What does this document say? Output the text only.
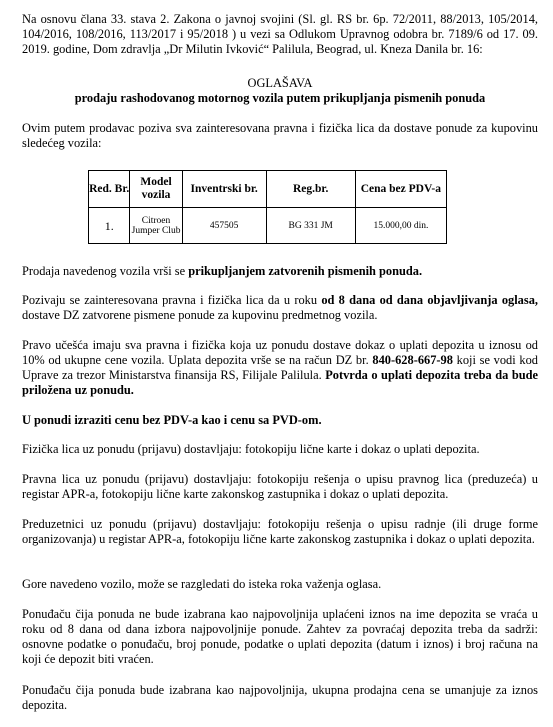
Na osnovu člana 33. stava 2. Zakona o javnoj svojini (Sl. gl. RS br. 6p. 72/2011, 88/2013, 105/2014, 104/2016, 108/2016, 113/2017 i 95/2018 ) u vezi sa Odlukom Upravnog odobra br. 7189/6 od 17. 09. 2019. godine, Dom zdravlja „Dr Milutin Ivković“ Palilula, Beograd, ul. Kneza Danila br. 16:
OGLAŠAVA
prodaju rashodovanog motornog vozila putem prikupljanja pismenih ponuda
Ovim putem prodavac poziva sva zainteresovana pravna i fizička lica da dostave ponude za kupovinu sledećeg vozila:
Red. Br.	Model vozila	Inventrski br.	Reg.br.	Cena bez PDV-a
1.	Citroen Jumper Club	457505	BG 331 JM	15.000,00 din.
Prodaja navedenog vozila vrši se prikupljanjem zatvorenih pismenih ponuda.
Pozivaju se zainteresovana pravna i fizička lica da u roku od 8 dana od dana objavljivanja oglasa, dostave DZ zatvorene pismene ponude za kupovinu predmetnog vozila.
Pravo učešća imaju sva pravna i fizička koja uz ponudu dostave dokaz o uplati depozita u iznosu od 10% od ukupne cene vozila. Uplata depozita vrše se na račun DZ br. 840-628-667-98 koji se vodi kod Uprave za trezor Ministarstva finansija RS, Filijale Palilula. Potvrda o uplati depozita treba da bude priložena uz ponudu.
U ponudi izraziti cenu bez PDV-a kao i cenu sa PVD-om.
Fizička lica uz ponudu (prijavu) dostavljaju: fotokopiju lične karte i dokaz o uplati depozita.
Pravna lica uz ponudu (prijavu) dostavljaju: fotokopiju rešenja o upisu pravnog lica (preduzeća) u registar APR-a, fotokopiju lične karte zakonskog zastupnika i dokaz o uplati depozita.
Preduzetnici uz ponudu (prijavu) dostavljaju: fotokopiju rešenja o upisu radnje (ili druge forme organizovanja) u registar APR-a, fotokopiju lične karte zakonskog zastupnika i dokaz o uplati depozita.
Gore navedeno vozilo, može se razgledati do isteka roka važenja oglasa.
Ponuđaču čija ponuda ne bude izabrana kao najpovoljnija uplaćeni iznos na ime depozita se vraća u roku od 8 dana od dana izbora najpovoljnije ponude. Zahtev za povraćaj depozita treba da sadrži: osnovne podatke o ponuđaču, broj ponude, podatke o uplati depozita (datum i iznos) i broj računa na koji će depozit biti vraćen.
Ponuđaču čija ponuda bude izabrana kao najpovoljnija, ukupna prodajna cena se umanjuje za iznos depozita.
